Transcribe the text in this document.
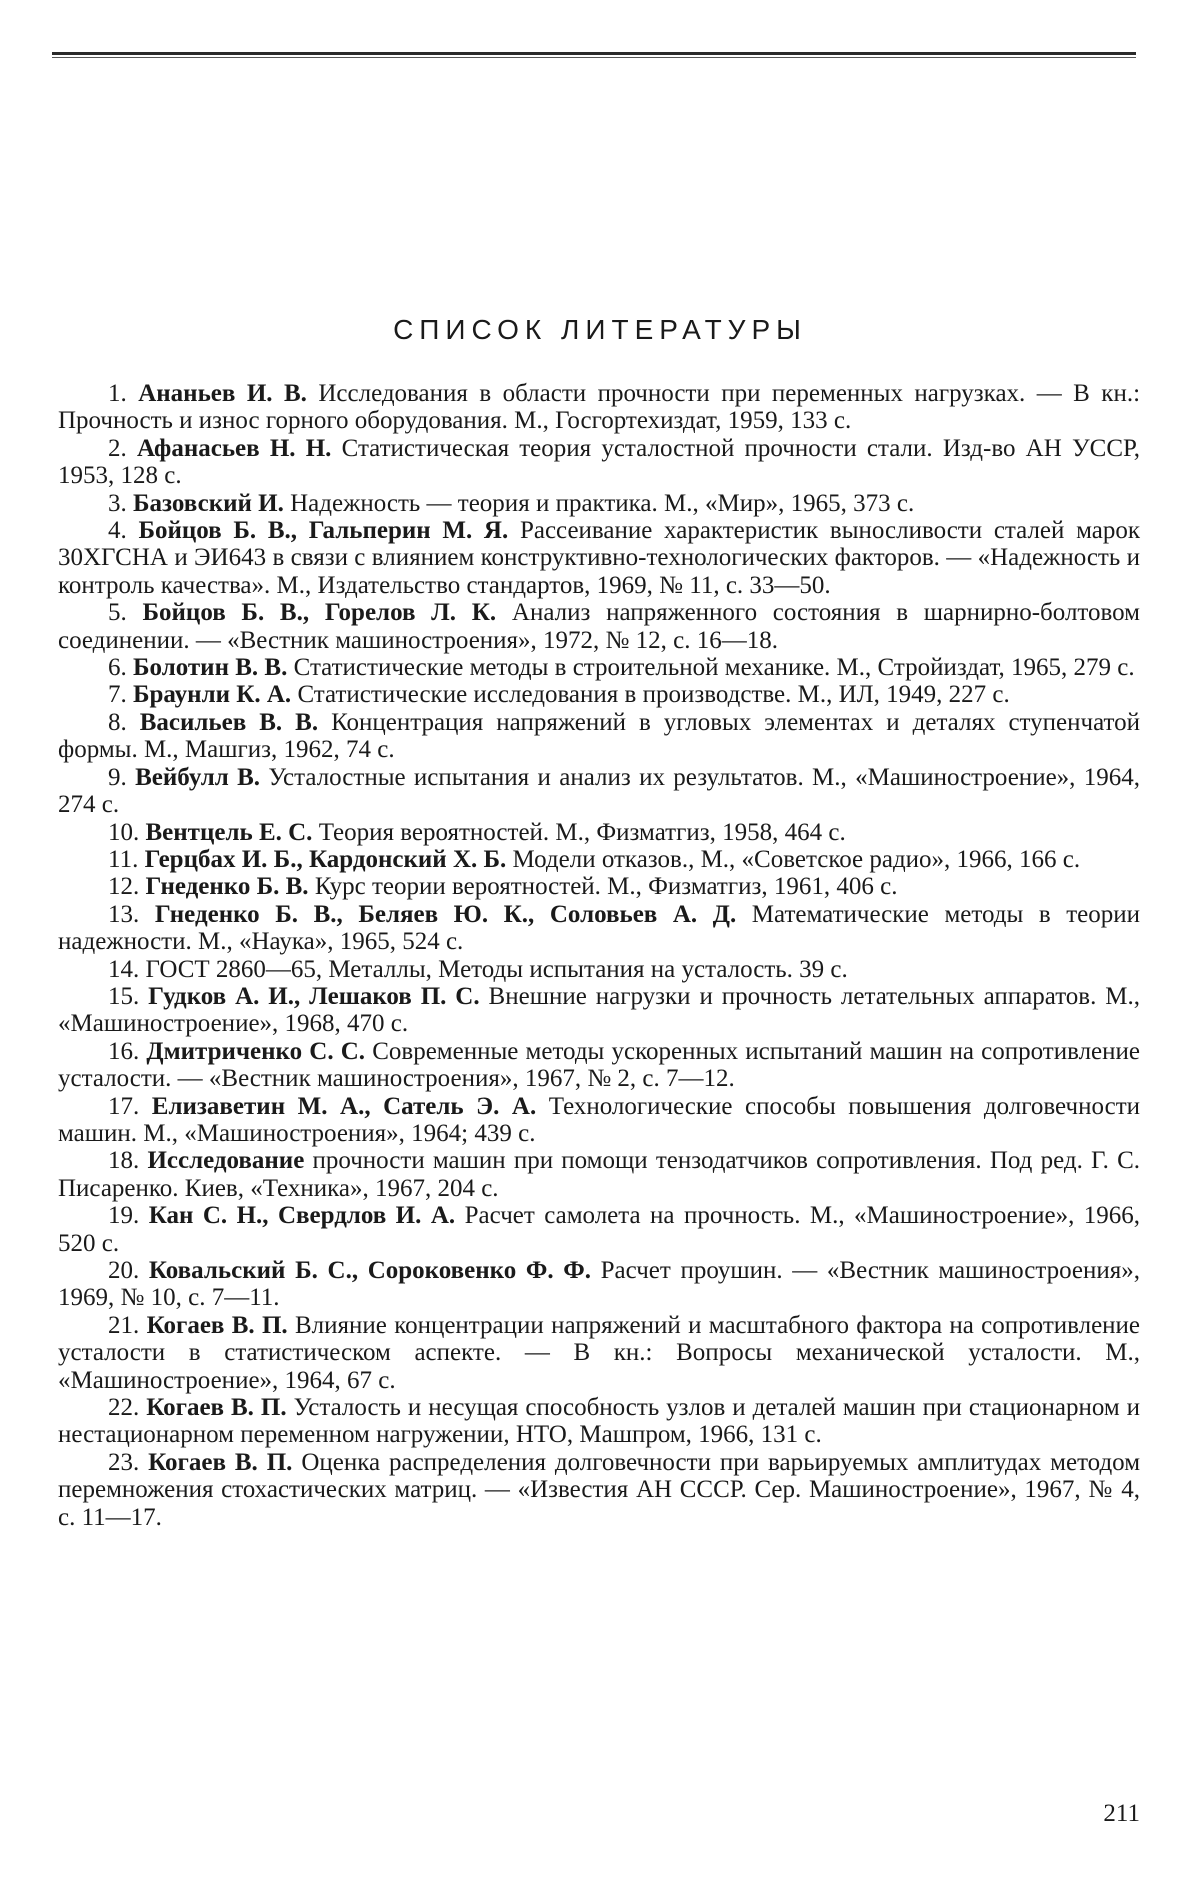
СПИСОК ЛИТЕРАТУРЫ
1. Ананьев И. В. Исследования в области прочности при переменных нагрузках. — В кн.: Прочность и износ горного оборудования. М., Госгортехиздат, 1959, 133 с.
2. Афанасьев Н. Н. Статистическая теория усталостной прочности стали. Изд-во АН УССР, 1953, 128 с.
3. Базовский И. Надежность — теория и практика. М., «Мир», 1965, 373 с.
4. Бойцов Б. В., Гальперин М. Я. Рассеивание характеристик выносливости сталей марок 30ХГСНА и ЭИ643 в связи с влиянием конструктивно-технологических факторов. — «Надежность и контроль качества». М., Издательство стандартов, 1969, № 11, с. 33—50.
5. Бойцов Б. В., Горелов Л. К. Анализ напряженного состояния в шарнирно-болтовом соединении. — «Вестник машиностроения», 1972, № 12, с. 16—18.
6. Болотин В. В. Статистические методы в строительной механике. М., Стройиздат, 1965, 279 с.
7. Браунли К. А. Статистические исследования в производстве. М., ИЛ, 1949, 227 с.
8. Васильев В. В. Концентрация напряжений в угловых элементах и деталях ступенчатой формы. М., Машгиз, 1962, 74 с.
9. Вейбулл В. Усталостные испытания и анализ их результатов. М., «Машиностроение», 1964, 274 с.
10. Вентцель Е. С. Теория вероятностей. М., Физматгиз, 1958, 464 с.
11. Герцбах И. Б., Кардонский Х. Б. Модели отказов., М., «Советское радио», 1966, 166 с.
12. Гнеденко Б. В. Курс теории вероятностей. М., Физматгиз, 1961, 406 с.
13. Гнеденко Б. В., Беляев Ю. К., Соловьев А. Д. Математические методы в теории надежности. М., «Наука», 1965, 524 с.
14. ГОСТ 2860—65, Металлы, Методы испытания на усталость. 39 с.
15. Гудков А. И., Лешаков П. С. Внешние нагрузки и прочность летательных аппаратов. М., «Машиностроение», 1968, 470 с.
16. Дмитриченко С. С. Современные методы ускоренных испытаний машин на сопротивление усталости. — «Вестник машиностроения», 1967, № 2, с. 7—12.
17. Елизаветин М. А., Сатель Э. А. Технологические способы повышения долговечности машин. М., «Машиностроения», 1964; 439 с.
18. Исследование прочности машин при помощи тензодатчиков сопротивления. Под ред. Г. С. Писаренко. Киев, «Техника», 1967, 204 с.
19. Кан С. Н., Свердлов И. А. Расчет самолета на прочность. М., «Машиностроение», 1966, 520 с.
20. Ковальский Б. С., Сороковенко Ф. Ф. Расчет проушин. — «Вестник машиностроения», 1969, № 10, с. 7—11.
21. Когаев В. П. Влияние концентрации напряжений и масштабного фактора на сопротивление усталости в статистическом аспекте. — В кн.: Вопросы механической усталости. М., «Машиностроение», 1964, 67 с.
22. Когаев В. П. Усталость и несущая способность узлов и деталей машин при стационарном и нестационарном переменном нагружении, НТО, Машпром, 1966, 131 с.
23. Когаев В. П. Оценка распределения долговечности при варьируемых амплитудах методом перемножения стохастических матриц. — «Известия АН СССР. Сер. Машиностроение», 1967, № 4, с. 11—17.
211
